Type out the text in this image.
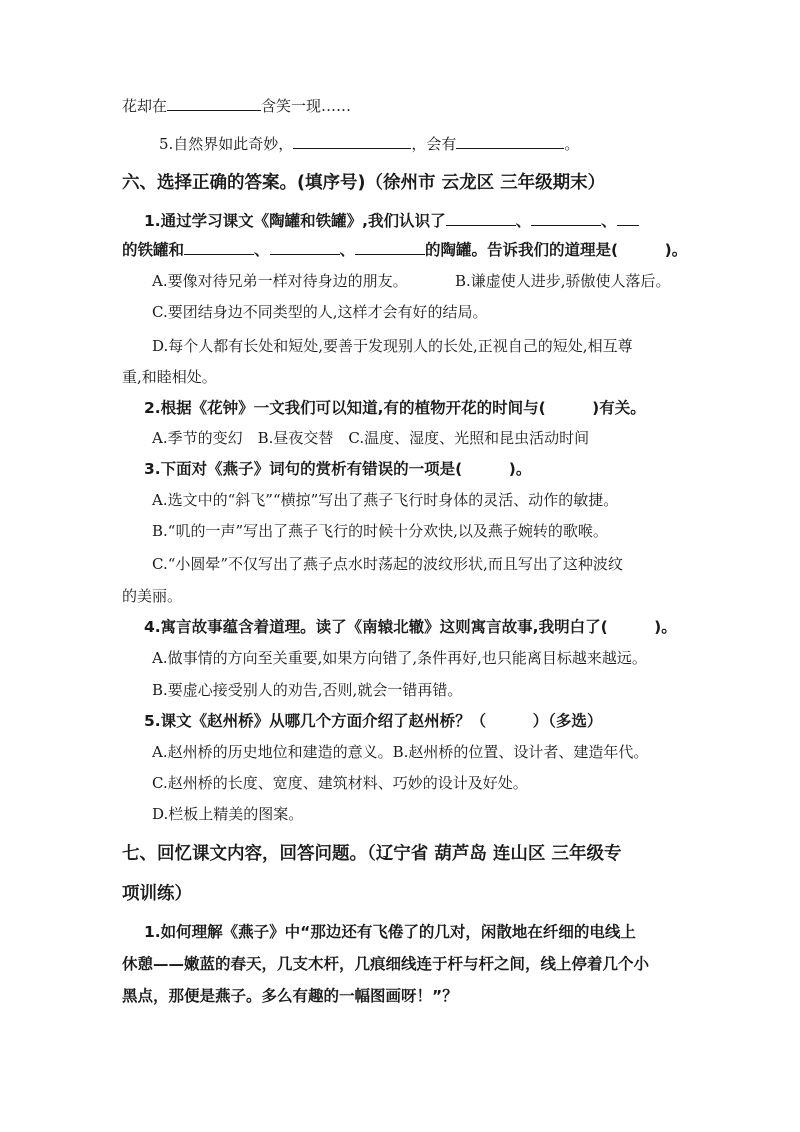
花却在	含笑一现……
5.自然界如此奇妙，	，会有	。
六、选择正确的答案。(填序号)（徐州市 云龙区 三年级期末）
1.通过学习课文《陶罐和铁罐》,我们认识了	、	、
的铁罐和	、	、	的陶罐。告诉我们的道理是(　　　)。
A.要像对待兄弟一样对待身边的朋友。	B.谦虚使人进步,骄傲使人落后。
C.要团结身边不同类型的人,这样才会有好的结局。
D.每个人都有长处和短处,要善于发现别人的长处,正视自己的短处,相互尊
重,和睦相处。
2.根据《花钟》一文我们可以知道,有的植物开花的时间与(　　　)有关。
A.季节的变幻　B.昼夜交替　C.温度、湿度、光照和昆虫活动时间
3.下面对《燕子》词句的赏析有错误的一项是(　　　)。
A.选文中的“斜飞”“横掠”写出了燕子飞行时身体的灵活、动作的敏捷。
B.“叽的一声”写出了燕子飞行的时候十分欢快,以及燕子婉转的歌喉。
C.“小圆晕”不仅写出了燕子点水时荡起的波纹形状,而且写出了这种波纹
的美丽。
4.寓言故事蕴含着道理。读了《南辕北辙》这则寓言故事,我明白了(　　　)。
A.做事情的方向至关重要,如果方向错了,条件再好,也只能离目标越来越远。
B.要虚心接受别人的劝告,否则,就会一错再错。
5.课文《赵州桥》从哪几个方面介绍了赵州桥？（　　　）（多选）
A.赵州桥的历史地位和建造的意义。B.赵州桥的位置、设计者、建造年代。
C.赵州桥的长度、宽度、建筑材料、巧妙的设计及好处。
D.栏板上精美的图案。
七、回忆课文内容，回答问题。（辽宁省 葫芦岛 连山区 三年级专
项训练）
1.如何理解《燕子》中“那边还有飞倦了的几对，闲散地在纤细的电线上
休憩——嫩蓝的春天，几支木杆，几痕细线连于杆与杆之间，线上停着几个小
黑点，那便是燕子。多么有趣的一幅图画呀！”？
